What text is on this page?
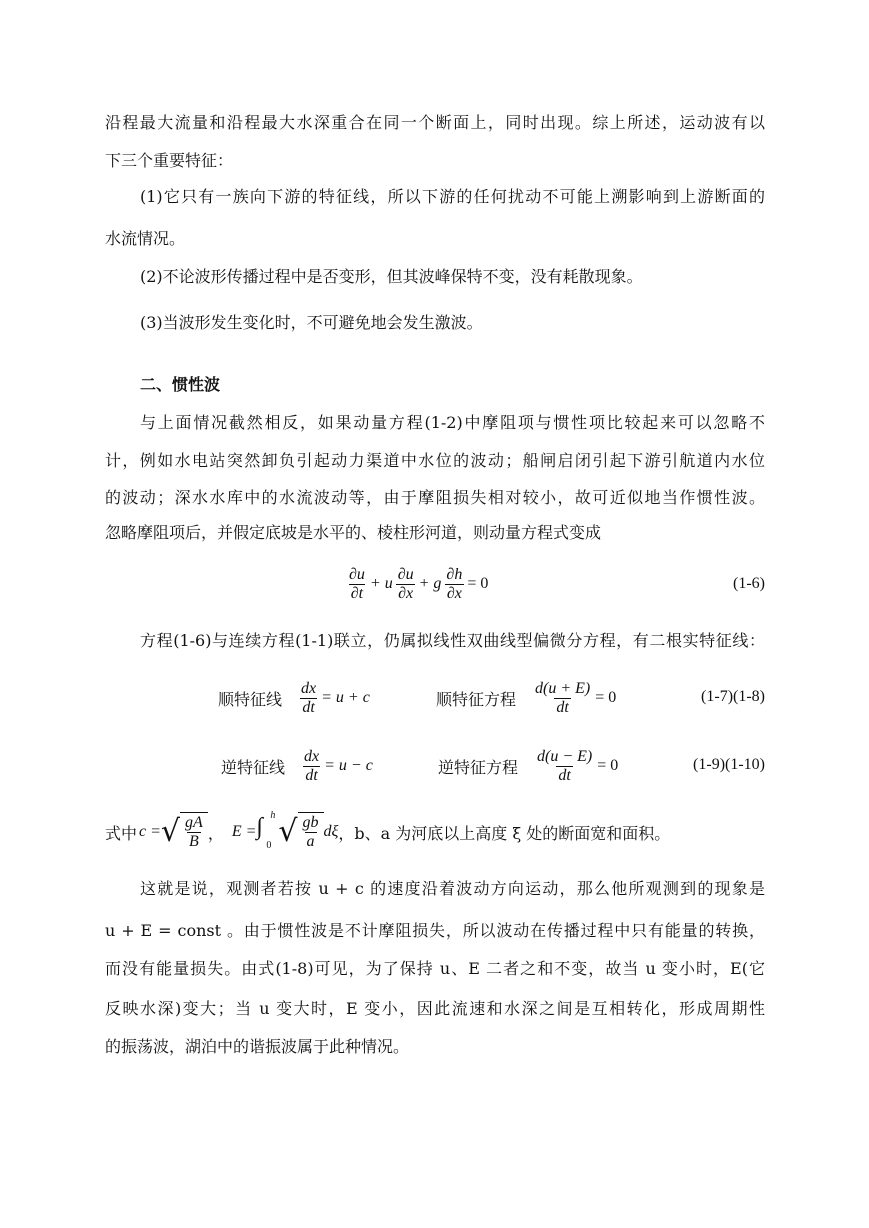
沿程最大流量和沿程最大水深重合在同一个断面上，同时出现。综上所述，运动波有以
下三个重要特征：
(1)它只有一族向下游的特征线，所以下游的任何扰动不可能上溯影响到上游断面的
水流情况。
(2)不论波形传播过程中是否变形，但其波峰保特不变，没有耗散现象。
(3)当波形发生变化时，不可避免地会发生激波。
二、惯性波
与上面情况截然相反，如果动量方程(1-2)中摩阻项与惯性项比较起来可以忽略不
计，例如水电站突然卸负引起动力渠道中水位的波动；船闸启闭引起下游引航道内水位
的波动；深水水库中的水流波动等，由于摩阻损失相对较小，故可近似地当作惯性波。
忽略摩阻项后，并假定底坡是水平的、棱柱形河道，则动量方程式变成
$\frac{\partial u}{\partial t} + u \frac{\partial u}{\partial x} + g \frac{\partial h}{\partial x} = 0$	(1-6)
方程(1-6)与连续方程(1-1)联立，仍属拟线性双曲线型偏微分方程，有二根实特征线：
顺特征线 $\frac{dx}{dt} = u + c$	顺特征方程 $\frac{d(u + E)}{dt} = 0$	(1-7)(1-8)
逆特征线 $\frac{dx}{dt} = u - c$	逆特征方程 $\frac{d(u - E)}{dt} = 0$	(1-9)(1-10)
式中 c = √ $\frac{gA}{B}$ ， E = ∫ h
0 √ $\frac{gb}{a}$ dξ ，b、a 为河底以上高度 ξ 处的断面宽和面积。
这就是说，观测者若按 u + c 的速度沿着波动方向运动，那么他所观测到的现象是
u + E = const 。由于惯性波是不计摩阻损失，所以波动在传播过程中只有能量的转换，
而没有能量损失。由式(1-8)可见，为了保持 u、E 二者之和不变，故当 u 变小时，E(它
反映水深)变大；当 u 变大时，E 变小，因此流速和水深之间是互相转化，形成周期性
的振荡波，湖泊中的谐振波属于此种情况。
